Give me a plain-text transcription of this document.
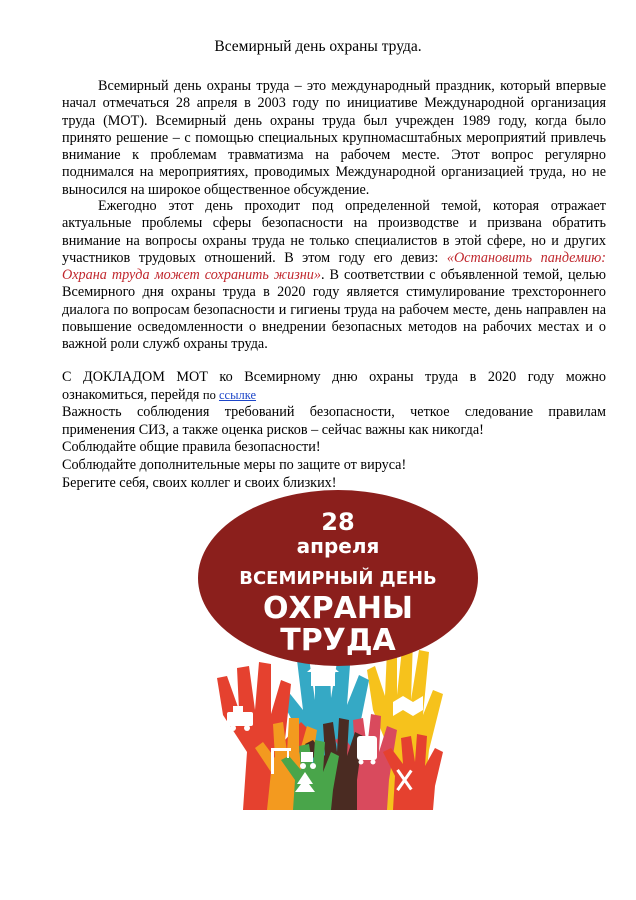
Всемирный день охраны труда.

Всемирный день охраны труда – это международный праздник, который впервые начал отмечаться 28 апреля в 2003 году по инициативе Международной организация труда (МОТ). Всемирный день охраны труда был учрежден 1989 году, когда было принято решение – с помощью специальных крупномасштабных мероприятий привлечь внимание к проблемам травматизма на рабочем месте. Этот вопрос регулярно поднимался на мероприятиях, проводимых Международной организацией труда, но не выносился на широкое общественное обсуждение.

Ежегодно этот день проходит под определенной темой, которая отражает актуальные проблемы сферы безопасности на производстве и призвана обратить внимание на вопросы охраны труда не только специалистов в этой сфере, но и других участников трудовых отношений. В этом году его девиз: «Остановить пандемию: Охрана труда может сохранить жизни». В соответствии с объявленной темой, целью Всемирного дня охраны труда в 2020 году является стимулирование трехстороннего диалога по вопросам безопасности и гигиены труда на рабочем месте, день направлен на повышение осведомленности о внедрении безопасных методов на рабочих местах и о важной роли служб охраны труда.

С ДОКЛАДОМ МОТ ко Всемирному дню охраны труда в 2020 году можно ознакомиться, перейдя по ссылке
Важность соблюдения требований безопасности, четкое следование правилам применения СИЗ, а также оценка рисков – сейчас важны как никогда!
Соблюдайте общие правила безопасности!
Соблюдайте дополнительные меры по защите от вируса!
Берегите себя, своих коллег и своих близких!
28
апреля
ВСЕМИРНЫЙ ДЕНЬ
ОХРАНЫ
ТРУДА
